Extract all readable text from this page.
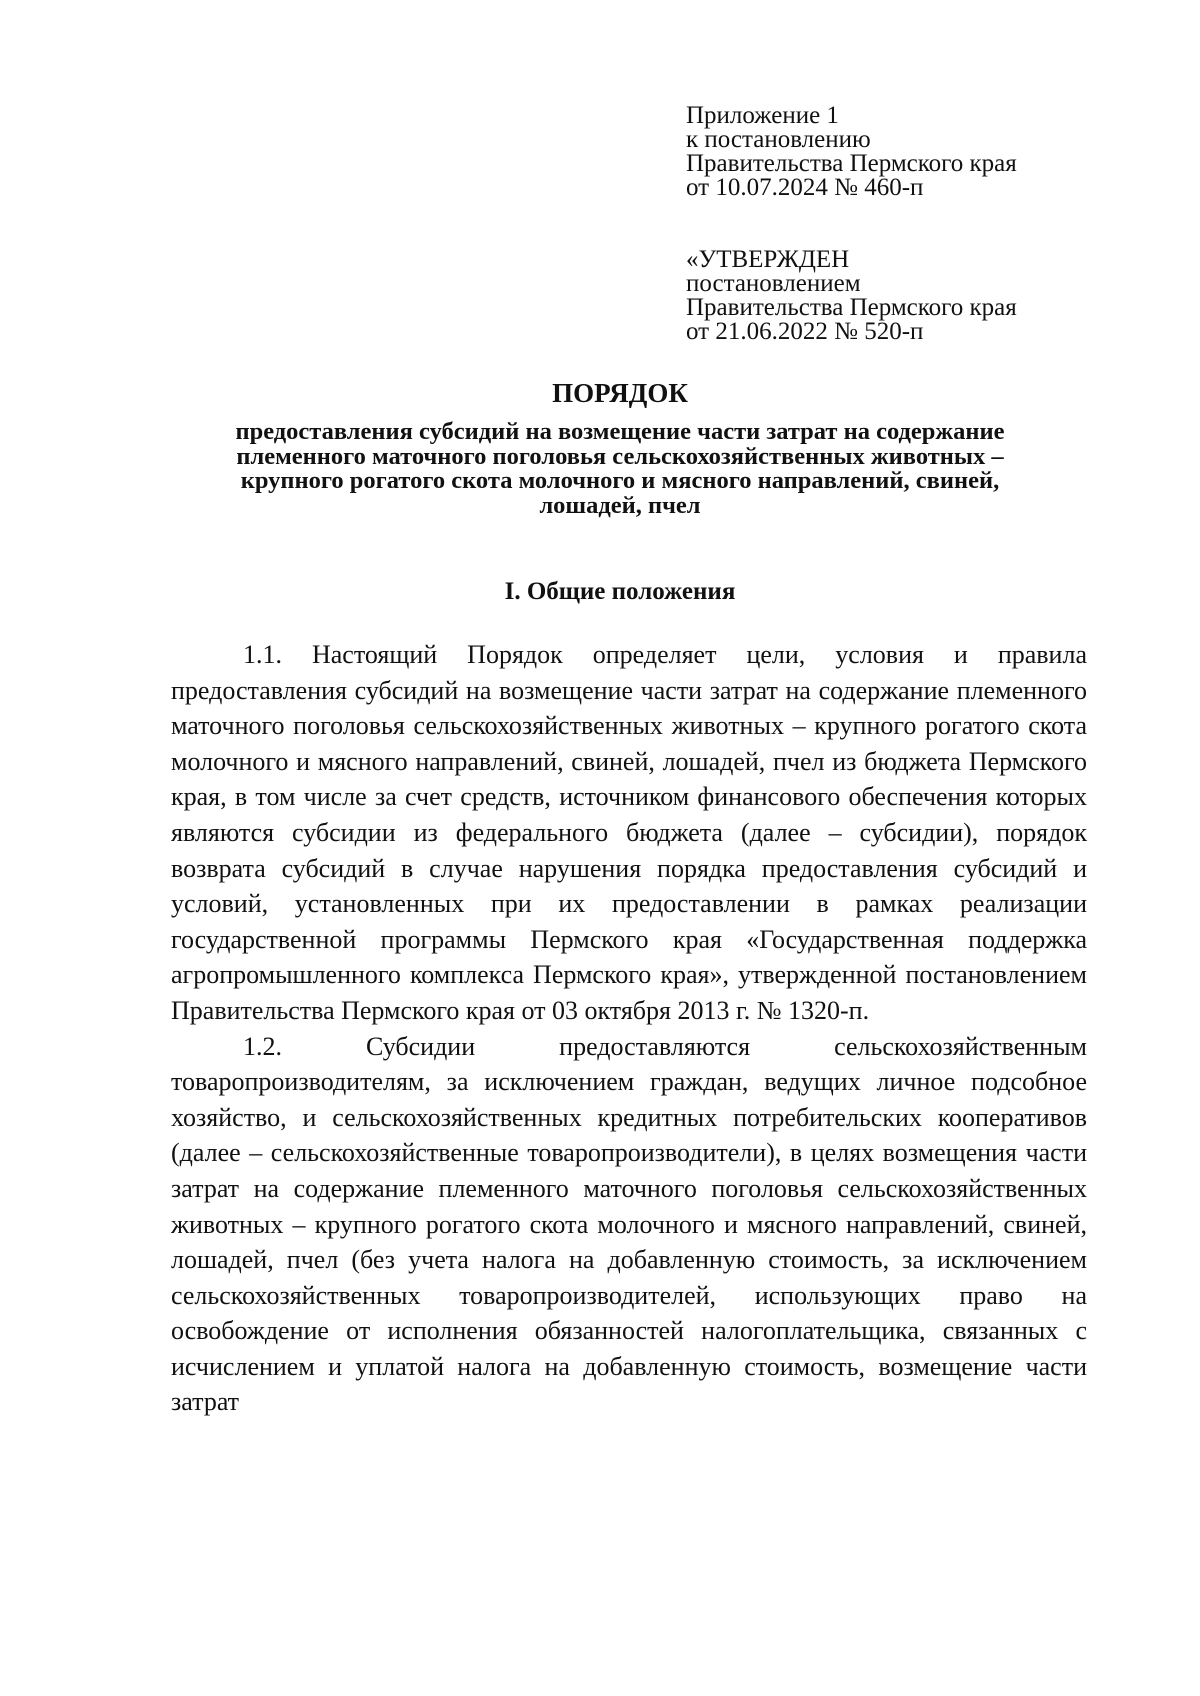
Приложение 1
к постановлению
Правительства Пермского края
от 10.07.2024 № 460-п
«УТВЕРЖДЕН
постановлением
Правительства Пермского края
от 21.06.2022 № 520-п
ПОРЯДОК
предоставления субсидий на возмещение части затрат на содержание
племенного маточного поголовья сельскохозяйственных животных –
крупного рогатого скота молочного и мясного направлений, свиней,
лошадей, пчел
I. Общие положения

1.1. Настоящий Порядок определяет цели, условия и правила предоставления субсидий на возмещение части затрат на содержание племенного маточного поголовья сельскохозяйственных животных – крупного рогатого скота молочного и мясного направлений, свиней, лошадей, пчел из бюджета Пермского края, в том числе за счет средств, источником финансового обеспечения которых являются субсидии из федерального бюджета (далее – субсидии), порядок возврата субсидий в случае нарушения порядка предоставления субсидий и условий, установленных при их предоставлении в рамках реализации государственной программы Пермского края «Государственная поддержка агропромышленного комплекса Пермского края», утвержденной постановлением Правительства Пермского края от 03 октября 2013 г. № 1320-п.

1.2. Субсидии предоставляются сельскохозяйственным товаропроизводителям, за исключением граждан, ведущих личное подсобное хозяйство, и сельскохозяйственных кредитных потребительских кооперативов (далее – сельскохозяйственные товаропроизводители), в целях возмещения части затрат на содержание племенного маточного поголовья сельскохозяйственных животных – крупного рогатого скота молочного и мясного направлений, свиней, лошадей, пчел (без учета налога на добавленную стоимость, за исключением сельскохозяйственных товаропроизводителей, использующих право на освобождение от исполнения обязанностей налогоплательщика, связанных с исчислением и уплатой налога на добавленную стоимость, возмещение части затрат
